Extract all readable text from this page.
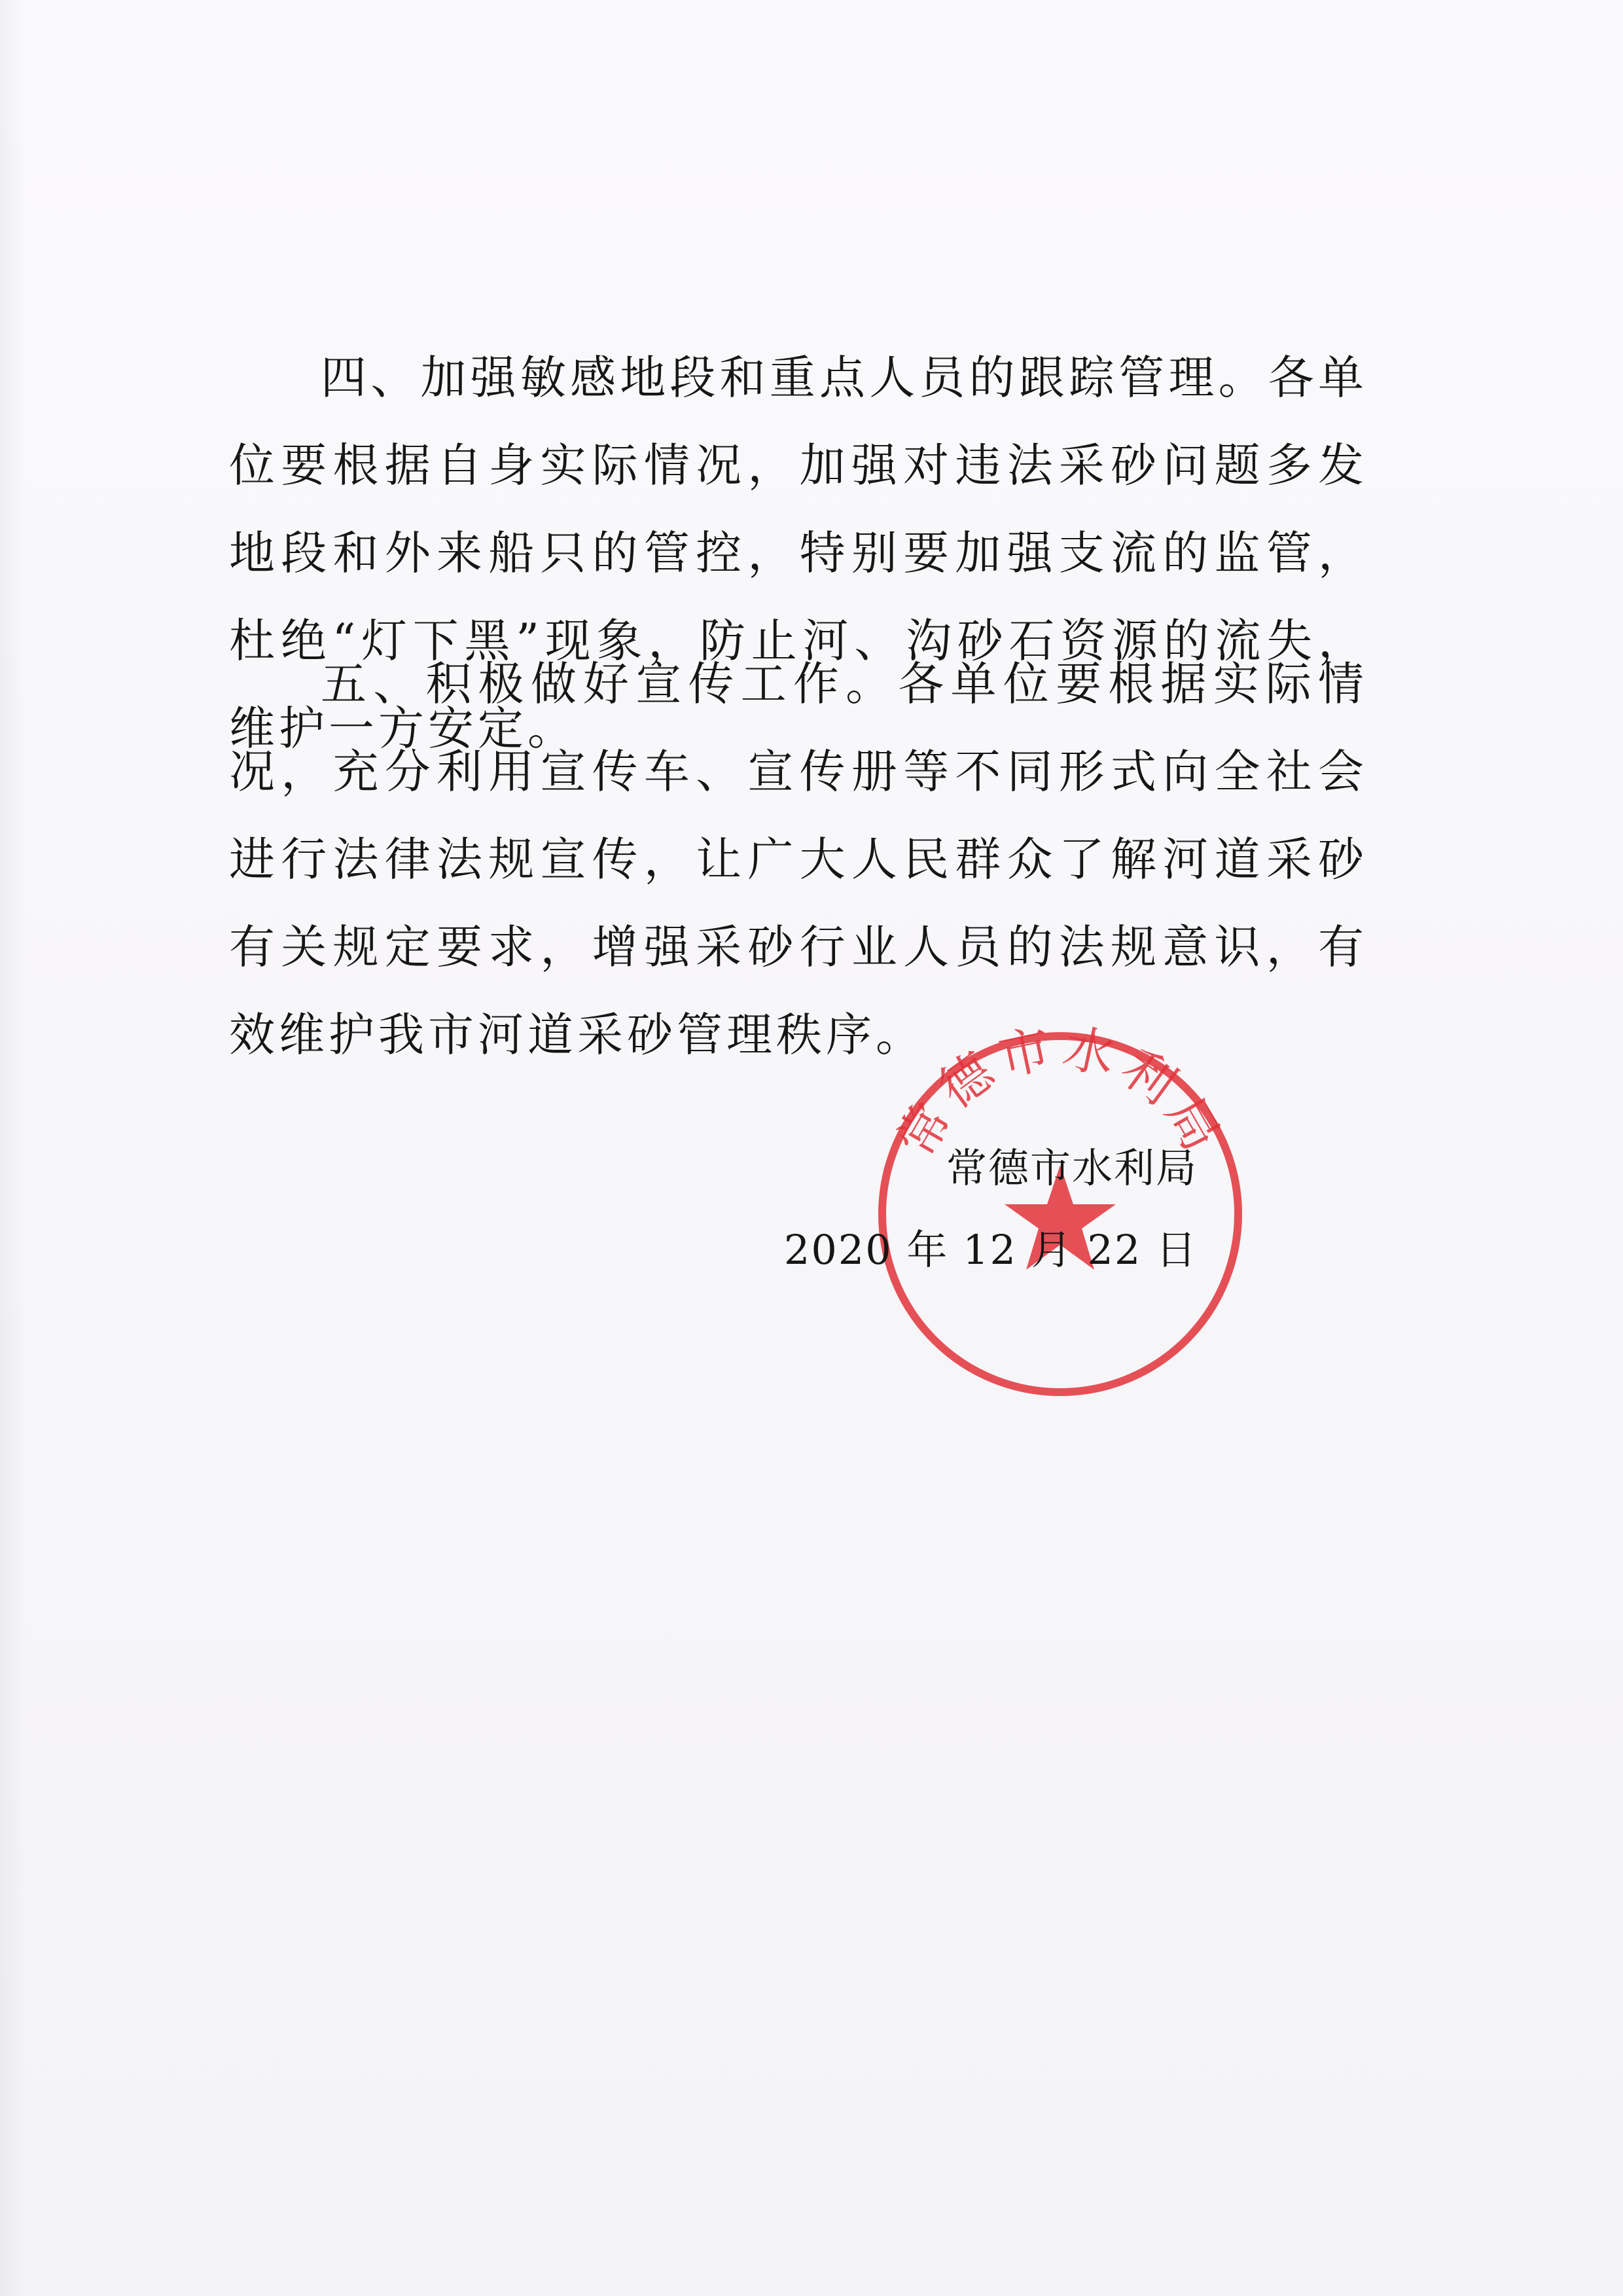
四、加强敏感地段和重点人员的跟踪管理。各单位要根据自身实际情况，加强对违法采砂问题多发地段和外来船只的管控，特别要加强支流的监管，杜绝“灯下黑”现象，防止河、沟砂石资源的流失，维护一方安定。

五、积极做好宣传工作。各单位要根据实际情况，充分利用宣传车、宣传册等不同形式向全社会进行法律法规宣传，让广大人民群众了解河道采砂有关规定要求，增强采砂行业人员的法规意识，有效维护我市河道采砂管理秩序。

常德市水利局
常德市水利局
2020 年 12 月 22 日
